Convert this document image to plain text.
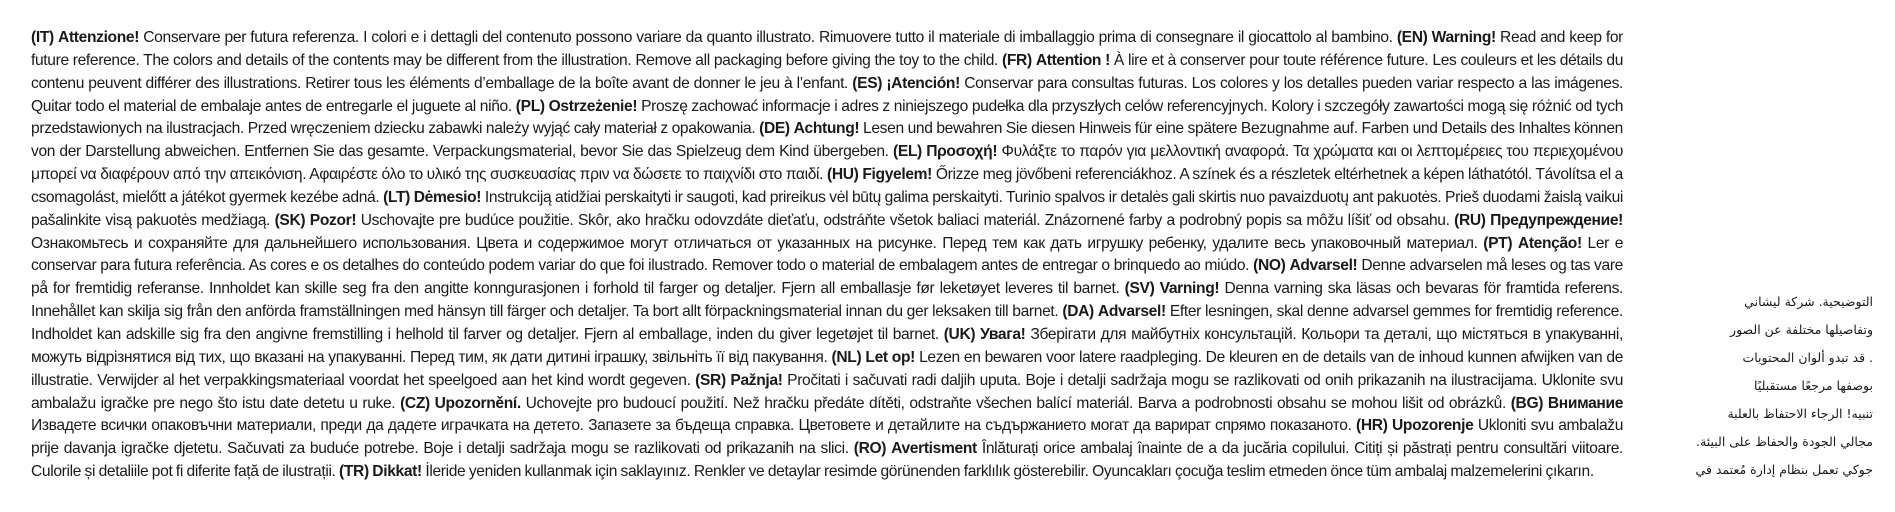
(IT) Attenzione! Conservare per futura referenza. I colori e i dettagli del contenuto possono variare da quanto illustrato. Rimuovere tutto il materiale di imballaggio prima di consegnare il giocattolo al bambino. (EN) Warning! Read and keep for future reference. The colors and details of the contents may be different from the illustration. Remove all packaging before giving the toy to the child. (FR) Attention ! À lire et à conserver pour toute référence future. Les couleurs et les détails du contenu peuvent différer des illustrations. Retirer tous les éléments d’emballage de la boîte avant de donner le jeu à l’enfant. (ES) ¡Atención! Conservar para consultas futuras. Los colores y los detalles pueden variar respecto a las imágenes. Quitar todo el material de embalaje antes de entregarle el juguete al niño. (PL) Ostrzeżenie! Proszę zachować informacje i adres z niniejszego pudełka dla przyszłych celów referencyjnych. Kolory i szczegóły zawartości mogą się różnić od tych przedstawionych na ilustracjach. Przed wręczeniem dziecku zabawki należy wyjąć cały materiał z opakowania. (DE) Achtung! Lesen und bewahren Sie diesen Hinweis für eine spätere Bezugnahme auf. Farben und Details des Inhaltes können von der Darstellung abweichen. Entfernen Sie das gesamte. Verpackungsmaterial, bevor Sie das Spielzeug dem Kind übergeben. (EL) Προσοχή! Φυλάξτε το παρόν για μελλοντική αναφορά. Τα χρώματα και οι λεπτομέρειες του περιεχομένου μπορεί να διαφέρουν από την απεικόνιση. Αφαιρέστε όλο το υλικό της συσκευασίας πριν να δώσετε το παιχνίδι στο παιδί. (HU) Figyelem! Őrizze meg jövőbeni referenciákhoz. A színek és a részletek eltérhetnek a képen láthatótól. Távolítsa el a csomagolást, mielőtt a játékot gyermek kezébe adná. (LT) Dėmesio! Instrukciją atidžiai perskaityti ir saugoti, kad prireikus vėl būtų galima perskaityti. Turinio spalvos ir detalės gali skirtis nuo pavaizduotų ant pakuotės. Prieš duodami žaislą vaikui pašalinkite visą pakuotės medžiagą. (SK) Pozor! Uschovajte pre budúce použitie. Skôr, ako hračku odovzdáte dieťaťu, odstráňte všetok baliaci materiál. Znázornené farby a podrobný popis sa môžu líšiť od obsahu. (RU) Предупреждение! Ознакомьтесь и сохраняйте для дальнейшего использования. Цвета и содержимое могут отличаться от указанных на рисунке. Перед тем как дать игрушку ребенку, удалите весь упаковочный материал. (PT) Atenção! Ler e conservar para futura referência. As cores e os detalhes do conteúdo podem variar do que foi ilustrado. Remover todo o material de embalagem antes de entregar o brinquedo ao miúdo. (NO) Advarsel! Denne advarselen må leses og tas vare på for fremtidig referanse. Innholdet kan skille seg fra den angitte konngurasjonen i forhold til farger og detaljer. Fjern all emballasje før leketøyet leveres til barnet. (SV) Varning! Denna varning ska läsas och bevaras för framtida referens. Innehållet kan skilja sig från den anförda framställningen med hänsyn till färger och detaljer. Ta bort allt förpackningsmaterial innan du ger leksaken till barnet. (DA) Advarsel! Efter lesningen, skal denne advarsel gemmes for fremtidig reference. Indholdet kan adskille sig fra den angivne fremstilling i helhold til farver og detaljer. Fjern al emballage, inden du giver legetøjet til barnet. (UK) Увага! Зберігати для майбутніх консультацій. Кольори та деталі, що містяться в упакуванні, можуть відрізнятися від тих, що вказані на упакуванні. Перед тим, як дати дитині іграшку, звільніть її від пакування. (NL) Let op! Lezen en bewaren voor latere raadpleging. De kleuren en de details van de inhoud kunnen afwijken van de illustratie. Verwijder al het verpakkingsmateriaal voordat het speelgoed aan het kind wordt gegeven. (SR) Pažnja! Pročitati i sačuvati radi daljih uputa. Boje i detalji sadržaja mogu se razlikovati od onih prikazanih na ilustracijama. Uklonite svu ambalažu igračke pre nego što istu date detetu u ruke. (CZ) Upozornění. Uchovejte pro budoucí použití. Než hračku předáte dítěti, odstraňte všechen balící materiál. Barva a podrobnosti obsahu se mohou lišit od obrázků. (BG) Внимание Извадете всички опаковъчни материали, преди да дадете играчката на детето. Запазете за бъдеща справка. Цветовете и детайлите на съдържанието могат да варират спрямо показаното. (HR) Upozorenje Ukloniti svu ambalažu prije davanja igračke djetetu. Sačuvati za buduće potrebe. Boje i detalji sadržaja mogu se razlikovati od prikazanih na slici. (RO) Avertisment Înlăturați orice ambalaj înainte de a da jucăria copilului. Citiți și păstrați pentru consultări viitoare. Culorile și detaliile pot fi diferite față de ilustrații. (TR) Dikkat! İleride yeniden kullanmak için saklayınız. Renkler ve detaylar resimde görünenden farklılık gösterebilir. Oyuncakları çocuğa teslim etmeden önce tüm ambalaj malzemelerini çıkarın.
التوضيحية. شركة ليشاني
وتفاصيلها مختلفة عن الصور
. قد تبدو ألوان المحتويات
بوصفها مرجعًا مستقبليًا
تنبيه! الرجاء الاحتفاظ بالعلبة
مجالي الجودة والحفاظ على البيئة.
جوكي تعمل بنظام إدارة مُعتمد في
